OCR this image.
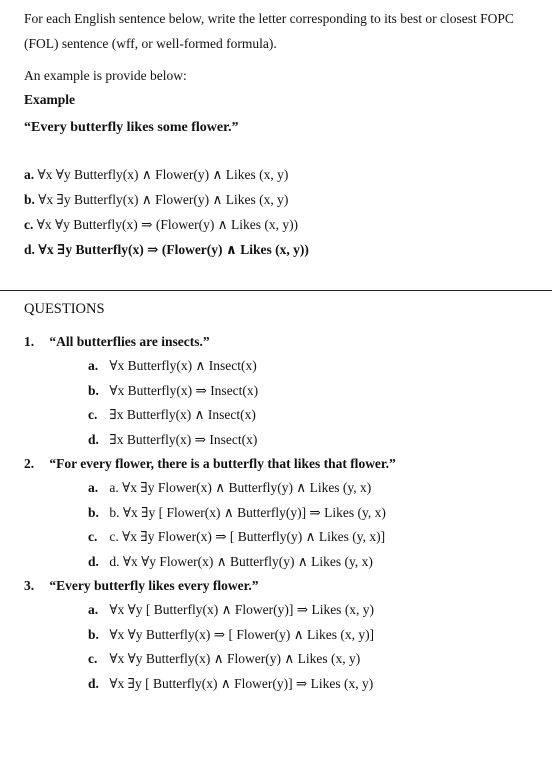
For each English sentence below, write the letter corresponding to its best or closest FOPC
(FOL) sentence (wff, or well-formed formula).
An example is provide below:
Example
“Every butterfly likes some flower.”
a. ∀x ∀y Butterfly(x) ∧ Flower(y) ∧ Likes (x, y)
b. ∀x ∃y Butterfly(x) ∧ Flower(y) ∧ Likes (x, y)
c. ∀x ∀y Butterfly(x) ⇒ (Flower(y) ∧ Likes (x, y))
d. ∀x ∃y Butterfly(x) ⇒ (Flower(y) ∧ Likes (x, y))
QUESTIONS
1. “All butterflies are insects.”
a. ∀x Butterfly(x) ∧ Insect(x)
b. ∀x Butterfly(x) ⇒ Insect(x)
c. ∃x Butterfly(x) ∧ Insect(x)
d. ∃x Butterfly(x) ⇒ Insect(x)
2. “For every flower, there is a butterfly that likes that flower.”
a. a. ∀x ∃y Flower(x) ∧ Butterfly(y) ∧ Likes (y, x)
b. b. ∀x ∃y [ Flower(x) ∧ Butterfly(y)] ⇒ Likes (y, x)
c. c. ∀x ∃y Flower(x) ⇒ [ Butterfly(y) ∧ Likes (y, x)]
d. d. ∀x ∀y Flower(x) ∧ Butterfly(y) ∧ Likes (y, x)
3. “Every butterfly likes every flower.”
a. ∀x ∀y [ Butterfly(x) ∧ Flower(y)] ⇒ Likes (x, y)
b. ∀x ∀y Butterfly(x) ⇒ [ Flower(y) ∧ Likes (x, y)]
c. ∀x ∀y Butterfly(x) ∧ Flower(y) ∧ Likes (x, y)
d. ∀x ∃y [ Butterfly(x) ∧ Flower(y)] ⇒ Likes (x, y)
